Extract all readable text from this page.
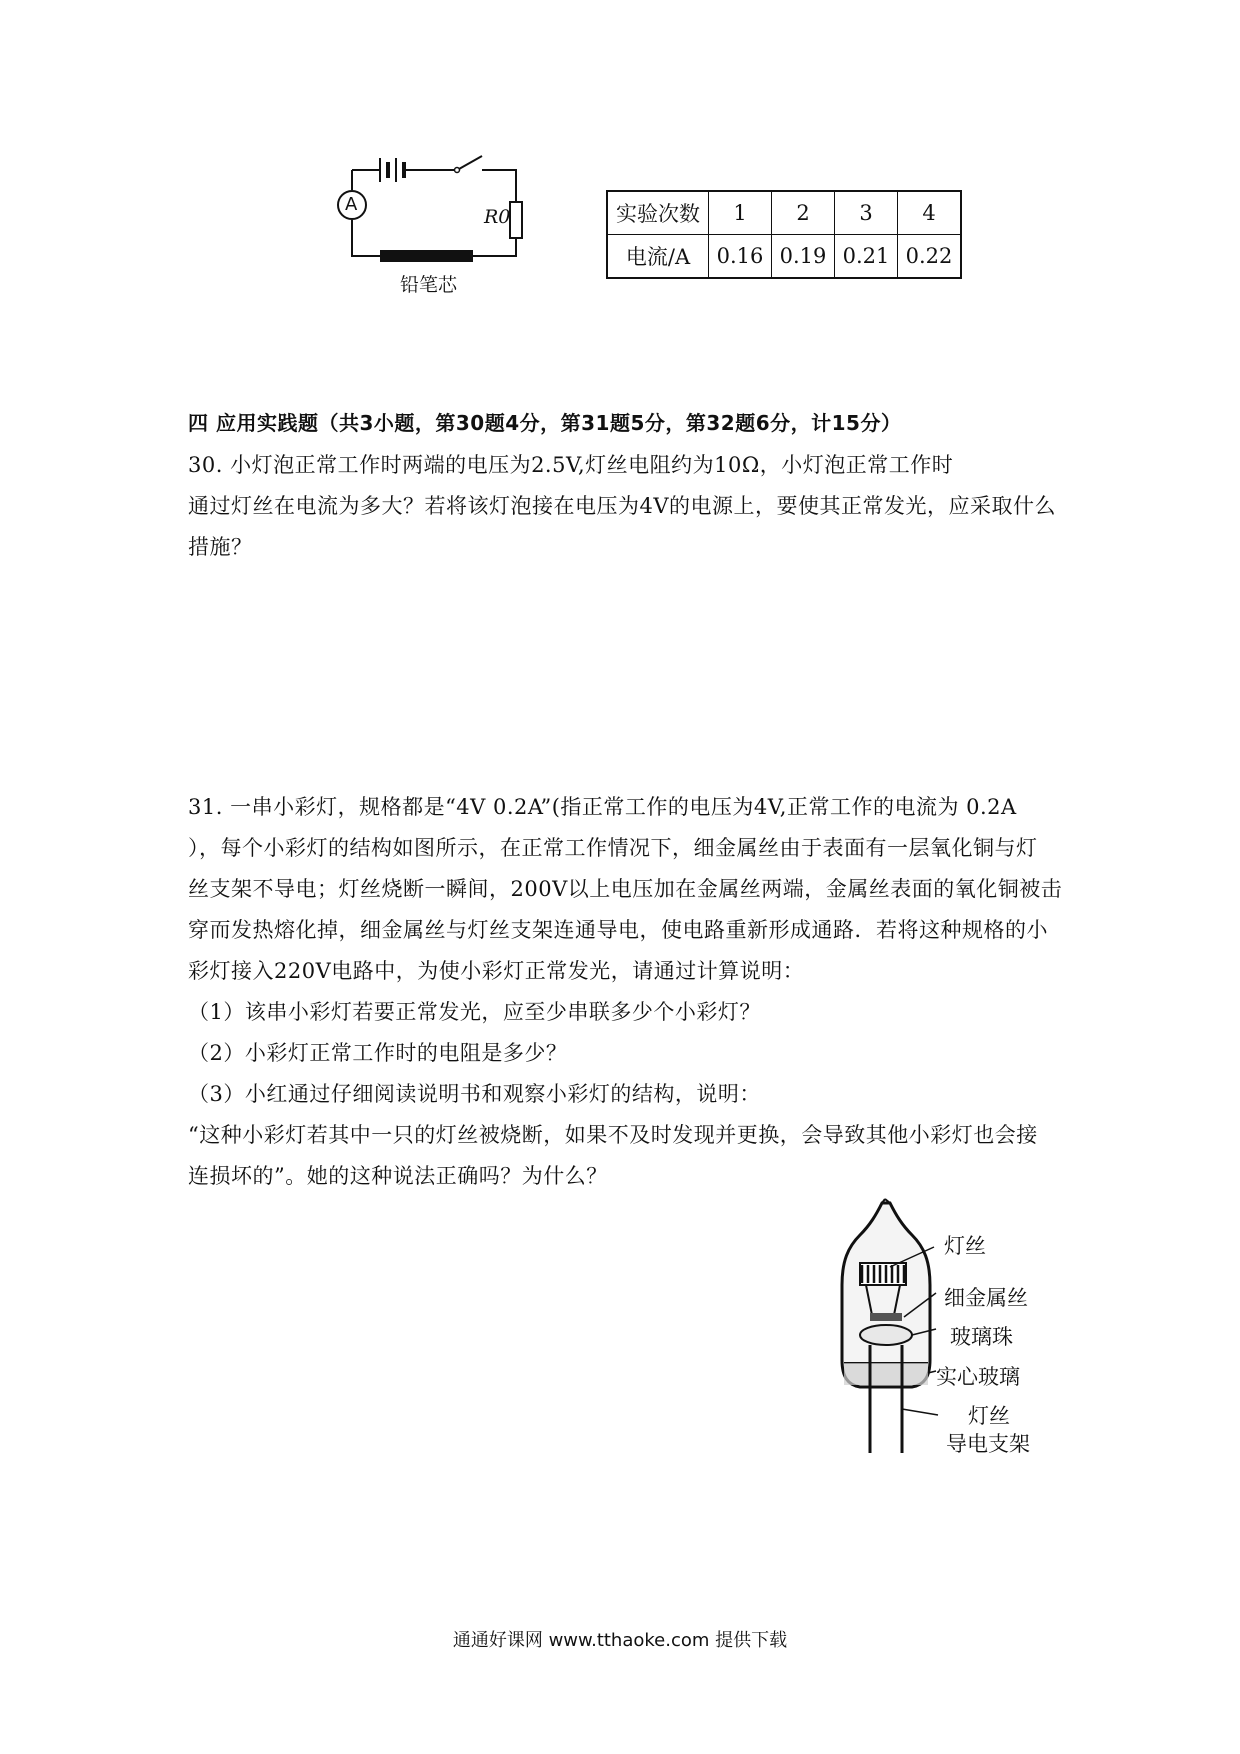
A
R0
铅笔芯
实验次数	1	2	3	4
电流/A	0.16	0.19	0.21	0.22
四 应用实践题（共3小题，第30题4分，第31题5分，第32题6分，计15分）
30. 小灯泡正常工作时两端的电压为2.5V,灯丝电阻约为10Ω，小灯泡正常工作时
通过灯丝在电流为多大？若将该灯泡接在电压为4V的电源上，要使其正常发光，应采取什么
措施？
31. 一串小彩灯，规格都是“4V 0.2A”(指正常工作的电压为4V,正常工作的电流为 0.2A
），每个小彩灯的结构如图所示，在正常工作情况下，细金属丝由于表面有一层氧化铜与灯
丝支架不导电；灯丝烧断一瞬间，200V以上电压加在金属丝两端，金属丝表面的氧化铜被击
穿而发热熔化掉，细金属丝与灯丝支架连通导电，使电路重新形成通路．若将这种规格的小
彩灯接入220V电路中，为使小彩灯正常发光，请通过计算说明：
（1）该串小彩灯若要正常发光，应至少串联多少个小彩灯？
（2）小彩灯正常工作时的电阻是多少？
（3）小红通过仔细阅读说明书和观察小彩灯的结构，说明：
“这种小彩灯若其中一只的灯丝被烧断，如果不及时发现并更换，会导致其他小彩灯也会接
连损坏的”。她的这种说法正确吗？为什么？
灯丝
细金属丝
玻璃珠
实心玻璃
灯丝
导电支架
通通好课网 www.tthaoke.com 提供下载
